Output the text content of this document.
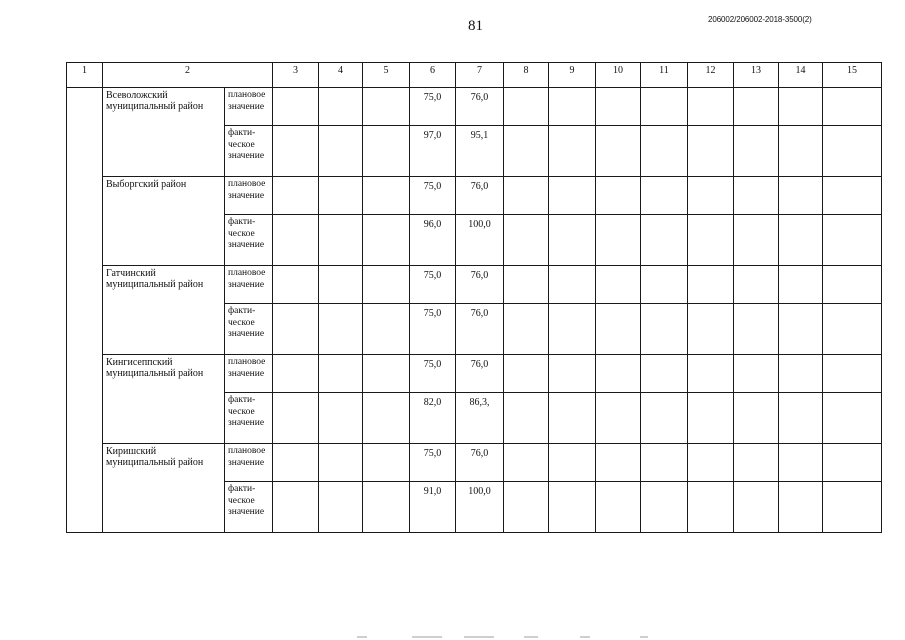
81	206002/206002-2018-3500(2)
1	2		3	4	5	6	7	8	9	10	11	12	13	14	15
	Всеволожский муниципальный район	плановое значение				75,0	76,0								
		факти-ческое значение				97,0	95,1								
	Выборгский район	плановое значение				75,0	76,0								
		факти-ческое значение				96,0	100,0								
	Гатчинский муниципальный район	плановое значение				75,0	76,0								
		факти-ческое значение				75,0	76,0								
	Кингисеппский муниципальный район	плановое значение				75,0	76,0								
		факти-ческое значение				82,0	86,3,								
	Киришский муниципальный район	плановое значение				75,0	76,0								
		факти-ческое значение				91,0	100,0								
